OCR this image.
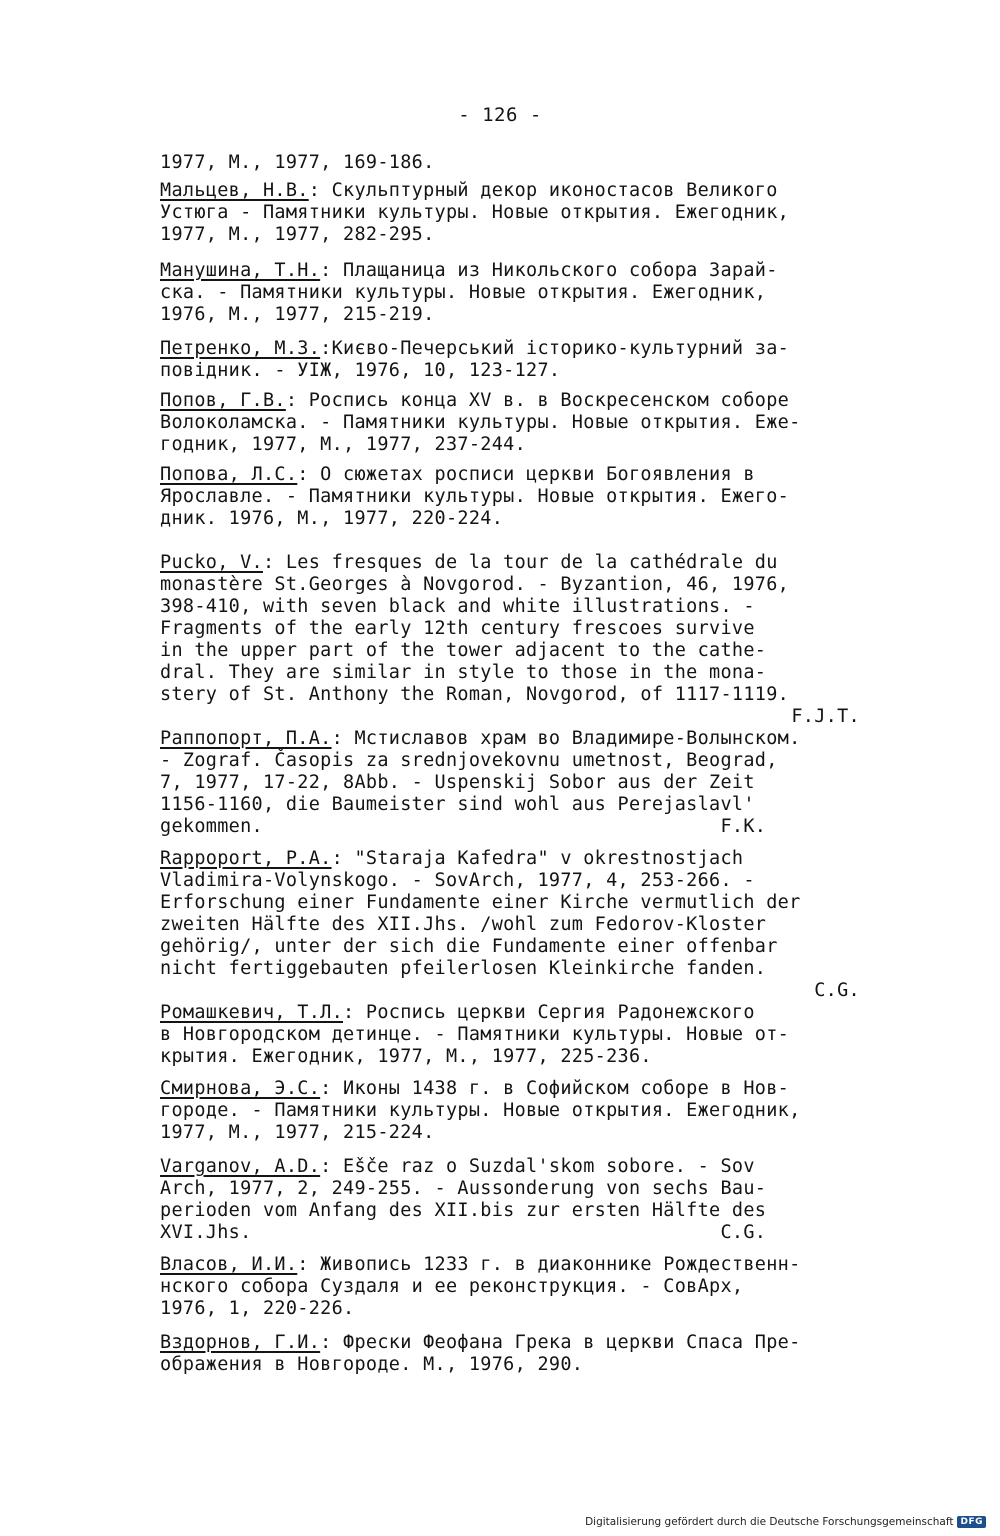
- 126 -
1977, М., 1977, 169-186.
Мальцев, Н.В.: Скульптурный декор иконостасов Великого
Устюга - Памятники культуры. Новые открытия. Ежегодник,
1977, М., 1977, 282-295.
Манушина, Т.Н.: Плащаница из Никольского собора Зарай-
ска. - Памятники культуры. Новые открытия. Ежегодник,
1976, М., 1977, 215-219.
Петренко, М.З.:Києво-Печерський історико-культурний за-
повідник. - УІЖ, 1976, 10, 123-127.
Попов, Г.В.: Роспись конца XV в. в Воскресенском соборе
Волоколамска. - Памятники культуры. Новые открытия. Еже-
годник, 1977, М., 1977, 237-244.
Попова, Л.С.: О сюжетах росписи церкви Богоявления в
Ярославле. - Памятники культуры. Новые открытия. Ежего-
дник. 1976, М., 1977, 220-224.
Pucko, V.: Les fresques de la tour de la cathédrale du
monastère St.Georges à Novgorod. - Byzantion, 46, 1976,
398-410, with seven black and white illustrations. -
Fragments of the early 12th century frescoes survive
in the upper part of the tower adjacent to the cathe-
dral. They are similar in style to those in the mona-
stery of St. Anthony the Roman, Novgorod, of 1117-1119.
F.J.T.
Раппопорт, П.А.: Мстиславов храм во Владимире-Волынском.
- Zograf. Časopis za srednjovekovnu umetnost, Beograd,
7, 1977, 17-22, 8Abb. - Uspenskij Sobor aus der Zeit
1156-1160, die Baumeister sind wohl aus Perejaslavl'
gekommen.                                        F.K.
Rappoport, P.A.: "Staraja Kafedra" v okrestnostjach
Vladimira-Volynskogo. - SovArch, 1977, 4, 253-266. -
Erforschung einer Fundamente einer Kirche vermutlich der
zweiten Hälfte des XII.Jhs. /wohl zum Fedorov-Kloster
gehörig/, unter der sich die Fundamente einer offenbar
nicht fertiggebauten pfeilerlosen Kleinkirche fanden.
C.G.
Ромашкевич, Т.Л.: Роспись церкви Сергия Радонежского
в Новгородском детинце. - Памятники культуры. Новые от-
крытия. Ежегодник, 1977, М., 1977, 225-236.
Смирнова, Э.С.: Иконы 1438 г. в Софийском соборе в Нов-
городе. - Памятники культуры. Новые открытия. Ежегодник,
1977, М., 1977, 215-224.
Varganov, A.D.: Ešče raz o Suzdal'skom sobore. - Sov
Arch, 1977, 2, 249-255. - Aussonderung von sechs Bau-
perioden vom Anfang des XII.bis zur ersten Hälfte des
XVI.Jhs.                                         C.G.
Власов, И.И.: Живопись 1233 г. в диаконнике Рождественн-
нского собора Суздаля и ее реконструкция. - СовАрх,
1976, 1, 220-226.
Вздорнов, Г.И.: Фрески Феофана Грека в церкви Спаса Пре-
ображения в Новгороде. М., 1976, 290.
Digitalisierung gefördert durch die Deutsche Forschungsgemeinschaft DFG
